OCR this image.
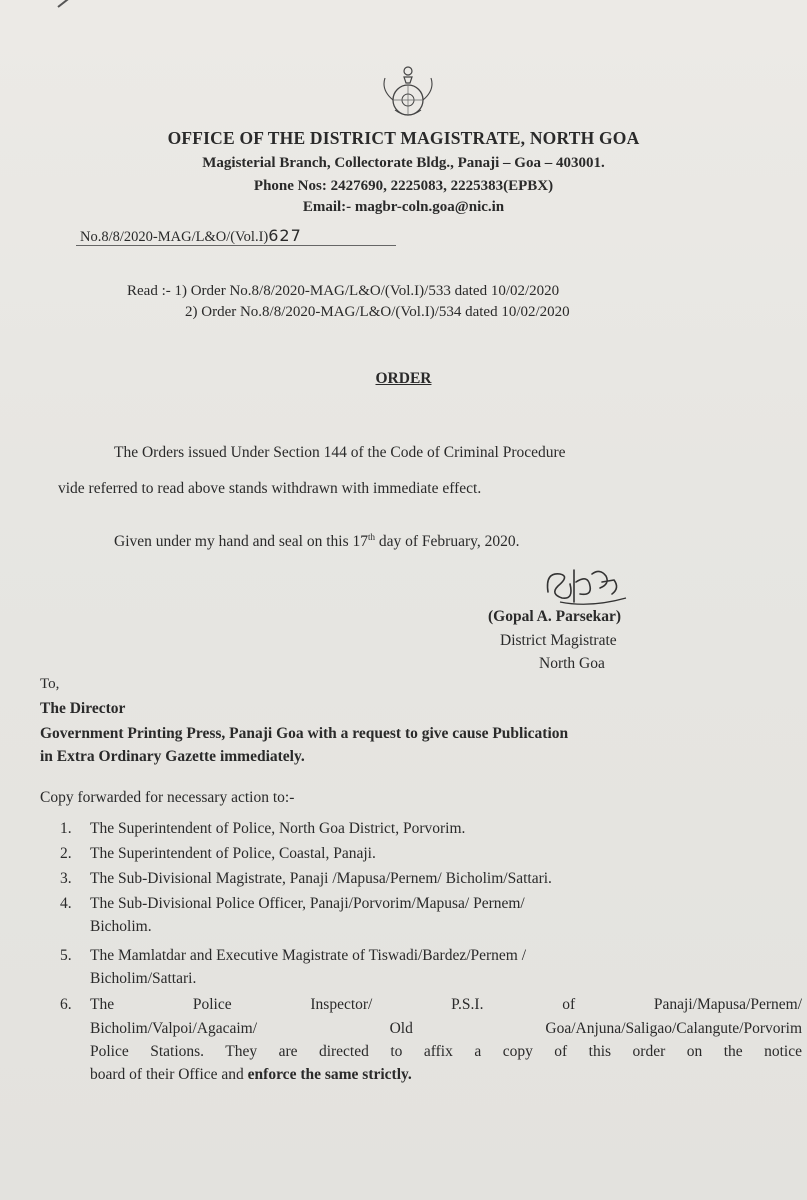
OFFICE OF THE DISTRICT MAGISTRATE, NORTH GOA
Magisterial Branch, Collectorate Bldg., Panaji – Goa – 403001.
Phone Nos: 2427690, 2225083, 2225383(EPBX)
Email:- magbr-coln.goa@nic.in
No.8/8/2020-MAG/L&O/(Vol.I)627
Read :- 1) Order No.8/8/2020-MAG/L&O/(Vol.I)/533 dated 10/02/2020
2) Order No.8/8/2020-MAG/L&O/(Vol.I)/534 dated 10/02/2020
ORDER
The Orders issued Under Section 144 of the Code of Criminal Procedure
vide referred to read above stands withdrawn with immediate effect.
Given under my hand and seal on this 17th day of February, 2020.
(Gopal A. Parsekar)
District Magistrate
North Goa
To,
The Director
Government Printing Press, Panaji Goa with a request to give cause Publication
in Extra Ordinary Gazette immediately.
Copy forwarded for necessary action to:-
1. The Superintendent of Police, North Goa District, Porvorim.
2. The Superintendent of Police, Coastal, Panaji.
3. The Sub-Divisional Magistrate, Panaji /Mapusa/Pernem/ Bicholim/Sattari.
4. The Sub-Divisional Police Officer, Panaji/Porvorim/Mapusa/ Pernem/
Bicholim.
5. The Mamlatdar and Executive Magistrate of Tiswadi/Bardez/Pernem /
Bicholim/Sattari.
6. The Police Inspector/ P.S.I. of Panaji/Mapusa/Pernem/
Bicholim/Valpoi/Agacaim/ Old Goa/Anjuna/Saligao/Calangute/Porvorim
Police Stations. They are directed to affix a copy of this order on the notice
board of their Office and enforce the same strictly.
